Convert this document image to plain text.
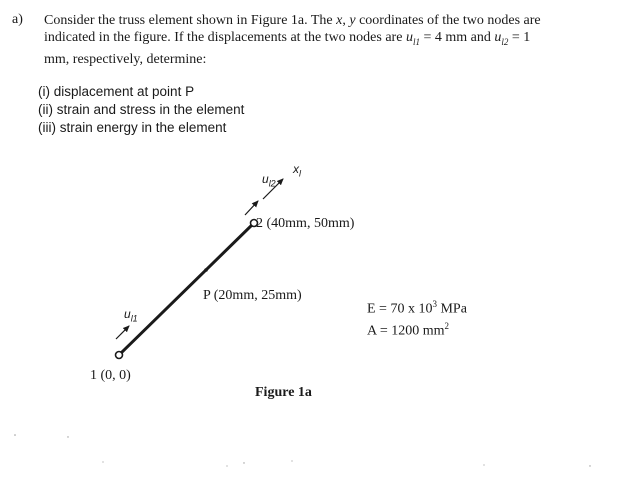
a) Consider the truss element shown in Figure 1a. The x, y coordinates of the two nodes are
indicated in the figure. If the displacements at the two nodes are $u_{l1} = 4$ mm and $u_{l2} = 1$
mm, respectively, determine:
(i) displacement at point P
(ii) strain and stress in the element
(iii) strain energy in the element
$u_{l2}$
$x_l$
2 (40mm, 50mm)
P (20mm, 25mm)
$u_{l1}$
1 (0, 0)
E = 70 x $10^3$ MPa
A = 1200 $mm^2$
Figure 1a
